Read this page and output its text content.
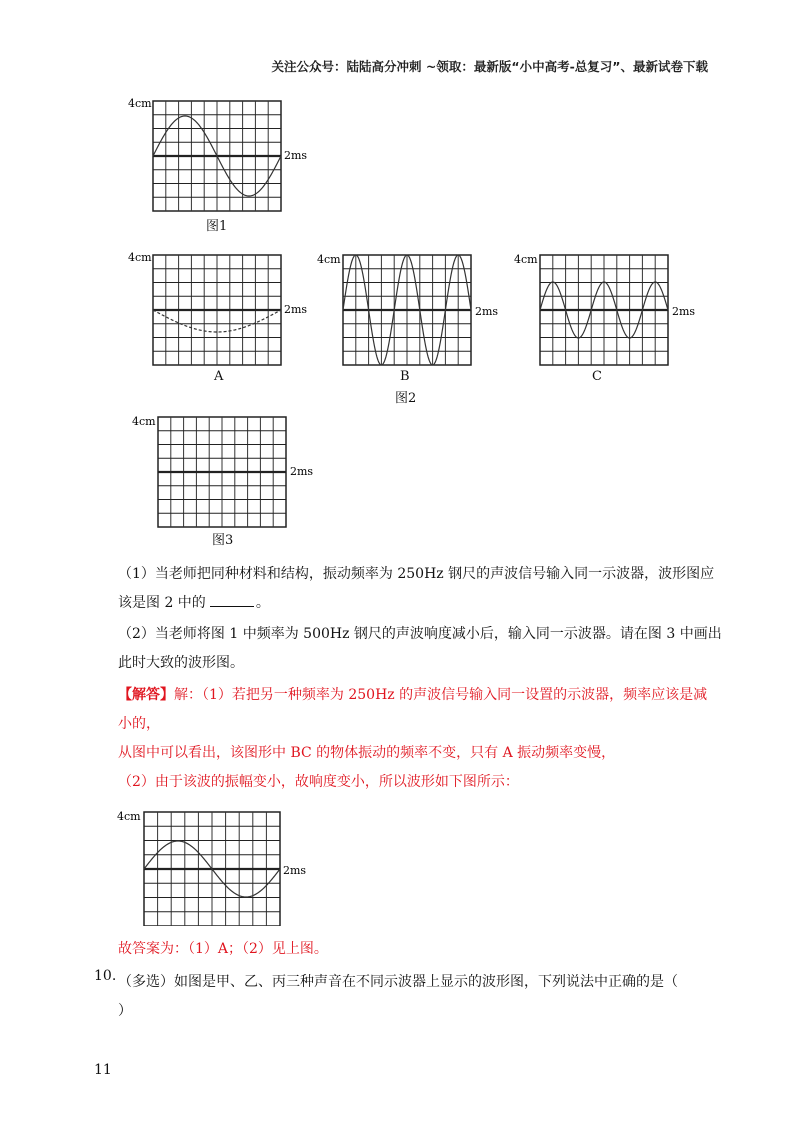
关注公众号：陆陆高分冲刺 ~领取：最新版“小中高考-总复习”、最新试卷下载
4cm
2ms
图1
4cm
2ms
A
4cm
2ms
B
图2
4cm
2ms
C
4cm
2ms
图3
（1）当老师把同种材料和结构，振动频率为 250Hz 钢尺的声波信号输入同一示波器，波形图应
该是图 2 中的	。
（2）当老师将图 1 中频率为 500Hz 钢尺的声波响度减小后，输入同一示波器。请在图 3 中画出
此时大致的波形图。
【解答】解：（1）若把另一种频率为 250Hz 的声波信号输入同一设置的示波器，频率应该是减
小的，
从图中可以看出，该图形中 BC 的物体振动的频率不变，只有 A 振动频率变慢，
（2）由于该波的振幅变小，故响度变小，所以波形如下图所示：
4cm
2ms
故答案为：（1）A；（2）见上图。
10. （多选）如图是甲、乙、丙三种声音在不同示波器上显示的波形图，下列说法中正确的是（
）
11
